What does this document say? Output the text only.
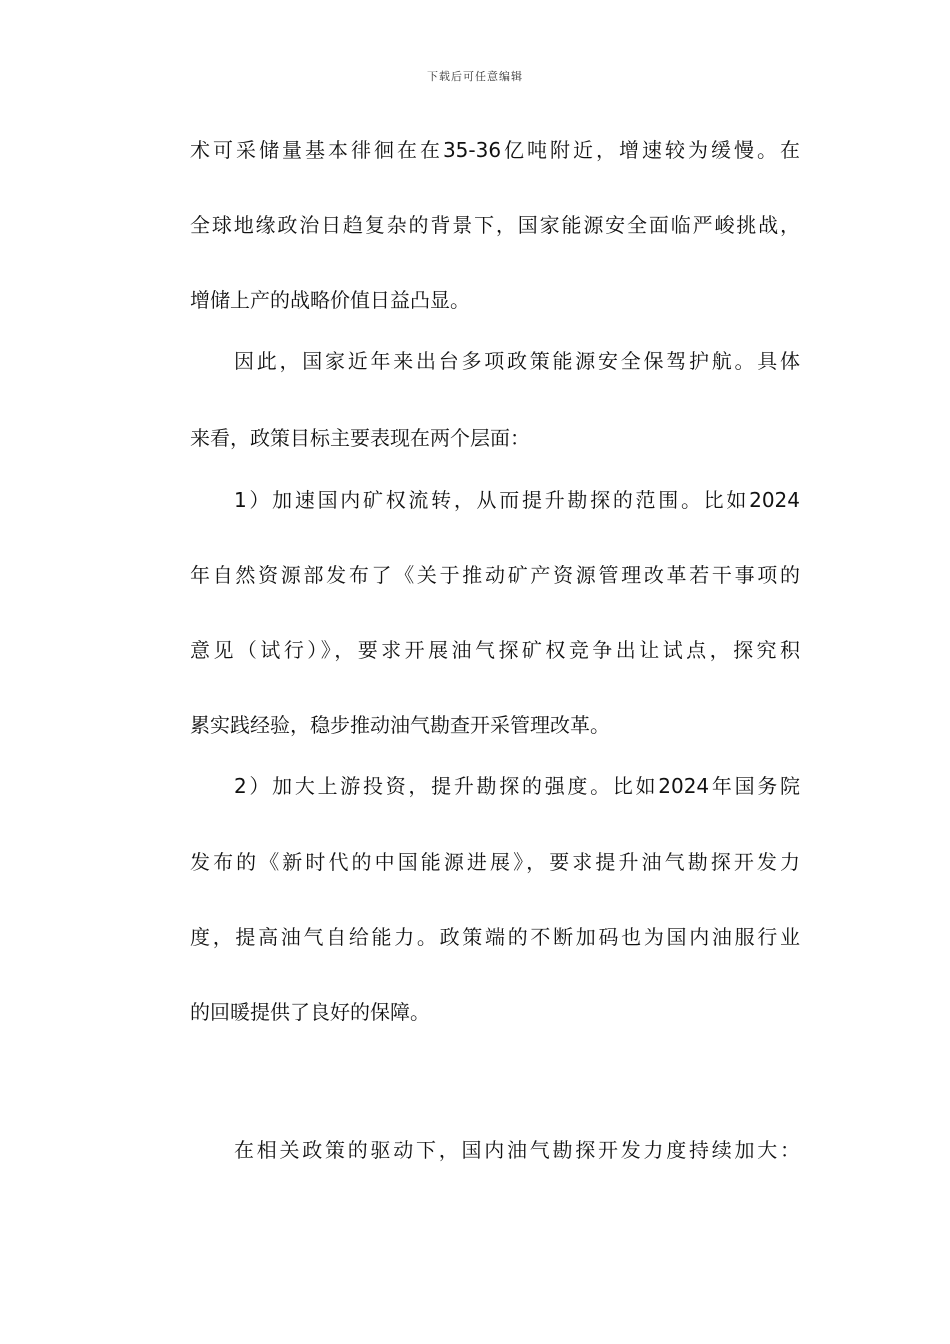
下载后可任意编辑
术可采储量基本徘徊在在35-36亿吨附近，增速较为缓慢。在
全球地缘政治日趋复杂的背景下，国家能源安全面临严峻挑战，
增储上产的战略价值日益凸显。
因此，国家近年来出台多项政策能源安全保驾护航。具体
来看，政策目标主要表现在两个层面：
1）加速国内矿权流转，从而提升勘探的范围。比如2024
年自然资源部发布了《关于推动矿产资源管理改革若干事项的
意见（试行）》，要求开展油气探矿权竞争出让试点，探究积
累实践经验，稳步推动油气勘查开采管理改革。
2）加大上游投资，提升勘探的强度。比如2024年国务院
发布的《新时代的中国能源进展》，要求提升油气勘探开发力
度，提高油气自给能力。政策端的不断加码也为国内油服行业
的回暖提供了良好的保障。
在相关政策的驱动下，国内油气勘探开发力度持续加大：
